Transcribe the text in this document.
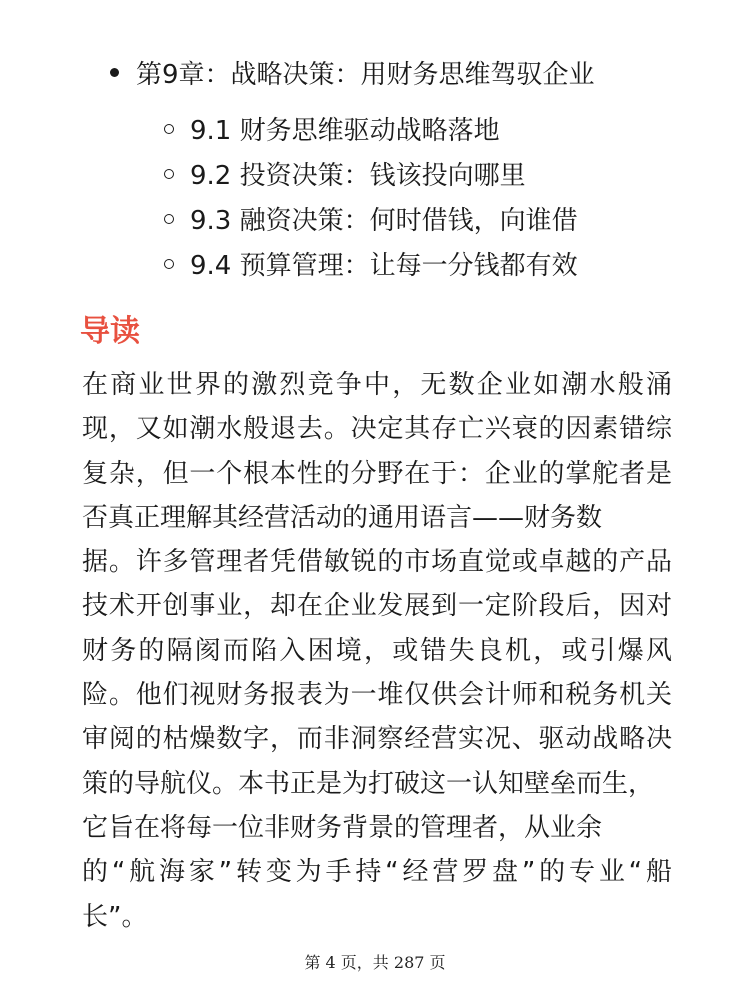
第9章：战略决策：用财务思维驾驭企业
9.1 财务思维驱动战略落地
9.2 投资决策：钱该投向哪里
9.3 融资决策：何时借钱，向谁借
9.4 预算管理：让每一分钱都有效
导读

在商业世界的激烈竞争中，无数企业如潮水般涌
现，又如潮水般退去。决定其存亡兴衰的因素错综
复杂，但一个根本性的分野在于：企业的掌舵者是
否真正理解其经营活动的通用语言——财务数
据。许多管理者凭借敏锐的市场直觉或卓越的产品
技术开创事业，却在企业发展到一定阶段后，因对
财务的隔阂而陷入困境，或错失良机，或引爆风
险。他们视财务报表为一堆仅供会计师和税务机关
审阅的枯燥数字，而非洞察经营实况、驱动战略决
策的导航仪。本书正是为打破这一认知壁垒而生，
它旨在将每一位非财务背景的管理者，从业余
的“航海家”转变为手持“经营罗盘”的专业“船
长”。

第 4 页，共 287 页
